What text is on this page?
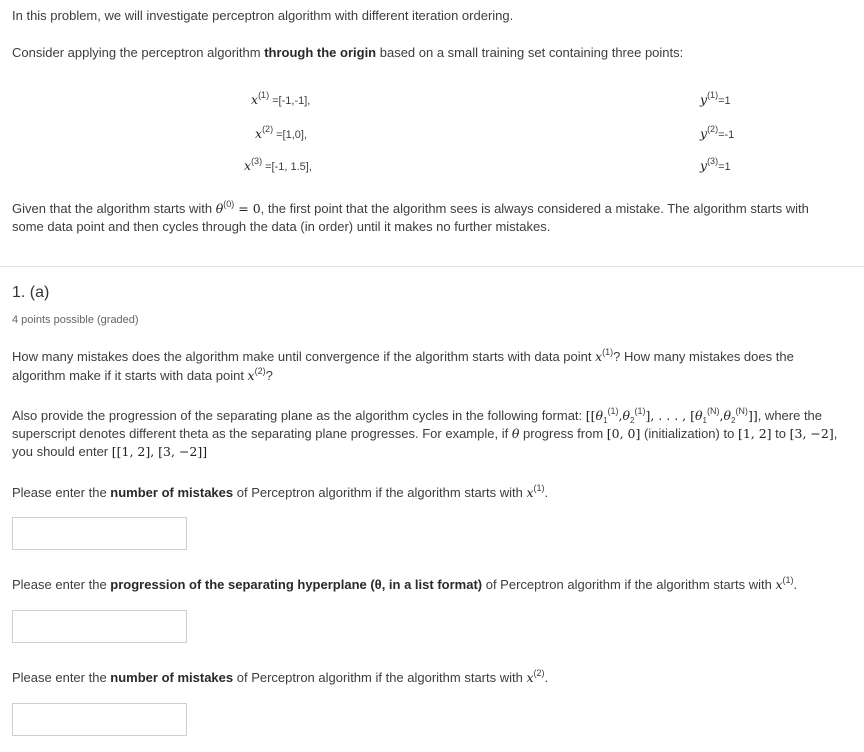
In this problem, we will investigate perceptron algorithm with different iteration ordering.
Consider applying the perceptron algorithm through the origin based on a small training set containing three points:
$x^{(1)} =[-1,-1]$,	$y^{(1)}=1$
$x^{(2)} =[1,0]$,	$y^{(2)}=-1$
$x^{(3)} =[-1$, 1.5],	$y^{(3)}=1$
Given that the algorithm starts with $\theta^{(0)} = 0$, the first point that the algorithm sees is always considered a mistake. The algorithm starts with
some data point and then cycles through the data (in order) until it makes no further mistakes.
1. (a)
4 points possible (graded)
How many mistakes does the algorithm make until convergence if the algorithm starts with data point $x^{(1)}$? How many mistakes does the
algorithm make if it starts with data point $x^{(2)}$?
Also provide the progression of the separating plane as the algorithm cycles in the following format: [$[\theta_1^{(1)},\theta_2^{(1)}]$, . . . , $[\theta_1^{(N)},\theta_2^{(N)}]$], where the
superscript denotes different theta as the separating plane progresses. For example, if θ progress from [0, 0] (initialization) to [1, 2] to [3, −2],
you should enter [[1, 2], [3, −2]]
Please enter the number of mistakes of Perceptron algorithm if the algorithm starts with $x^{(1)}$.
Please enter the progression of the separating hyperplane (θ, in a list format) of Perceptron algorithm if the algorithm starts with $x^{(1)}$.
Please enter the number of mistakes of Perceptron algorithm if the algorithm starts with $x^{(2)}$.
